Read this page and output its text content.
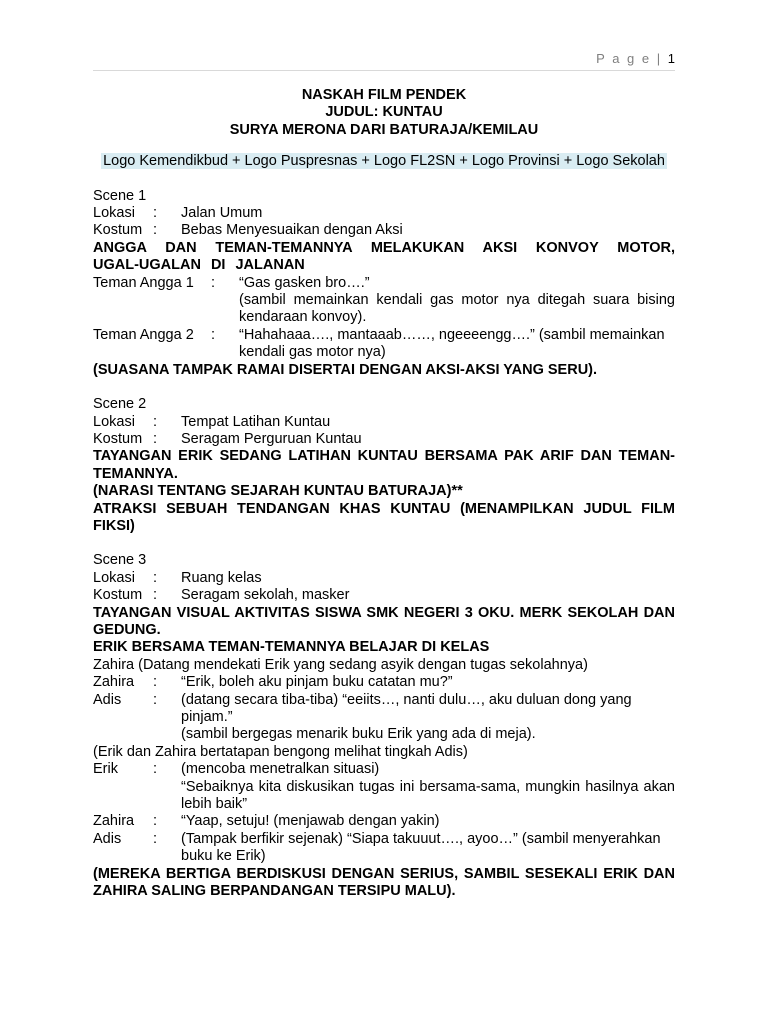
P a g e | 1
NASKAH FILM PENDEK
JUDUL: KUNTAU
SURYA MERONA DARI BATURAJA/KEMILAU
Logo Kemendikbud + Logo Puspresnas + Logo FL2SN + Logo Provinsi + Logo Sekolah
Scene 1
Lokasi	:	Jalan Umum
Kostum :	Bebas Menyesuaikan dengan Aksi
ANGGA DAN TEMAN-TEMANNYA MELAKUKAN AKSI KONVOY MOTOR, UGAL-UGALAN DI JALANAN
Teman Angga 1	:	“Gas gasken bro….”
(sambil memainkan kendali gas motor nya ditegah suara bising kendaraan konvoy).
Teman Angga 2	:	“Hahahaaa…., mantaaab……, ngeeeengg….” (sambil memainkan kendali gas motor nya)
(SUASANA TAMPAK RAMAI DISERTAI DENGAN AKSI-AKSI YANG SERU).
Scene 2
Lokasi	:	Tempat Latihan Kuntau
Kostum :	Seragam Perguruan Kuntau
TAYANGAN ERIK SEDANG LATIHAN KUNTAU BERSAMA PAK ARIF DAN TEMAN-TEMANNYA.
(NARASI TENTANG SEJARAH KUNTAU BATURAJA)**
ATRAKSI SEBUAH TENDANGAN KHAS KUNTAU (MENAMPILKAN JUDUL FILM FIKSI)
Scene 3
Lokasi	:	Ruang kelas
Kostum :	Seragam sekolah, masker
TAYANGAN VISUAL AKTIVITAS SISWA SMK NEGERI 3 OKU. MERK SEKOLAH DAN GEDUNG.
ERIK BERSAMA TEMAN-TEMANNYA BELAJAR DI KELAS
Zahira (Datang mendekati Erik yang sedang asyik dengan tugas sekolahnya)
Zahira	:	“Erik, boleh aku pinjam buku catatan mu?”
Adis	:	(datang secara tiba-tiba) “eeiits…, nanti dulu…, aku duluan dong yang pinjam.”
(sambil bergegas menarik buku Erik yang ada di meja).
(Erik dan Zahira bertatapan bengong melihat tingkah Adis)
Erik	:	(mencoba menetralkan situasi)
“Sebaiknya kita diskusikan tugas ini bersama-sama, mungkin hasilnya akan lebih baik”
Zahira	:	“Yaap, setuju! (menjawab dengan yakin)
Adis	:	(Tampak berfikir sejenak) “Siapa takuuut…., ayoo…” (sambil menyerahkan buku ke Erik)
(MEREKA BERTIGA BERDISKUSI DENGAN SERIUS, SAMBIL SESEKALI ERIK DAN ZAHIRA SALING BERPANDANGAN TERSIPU MALU).
